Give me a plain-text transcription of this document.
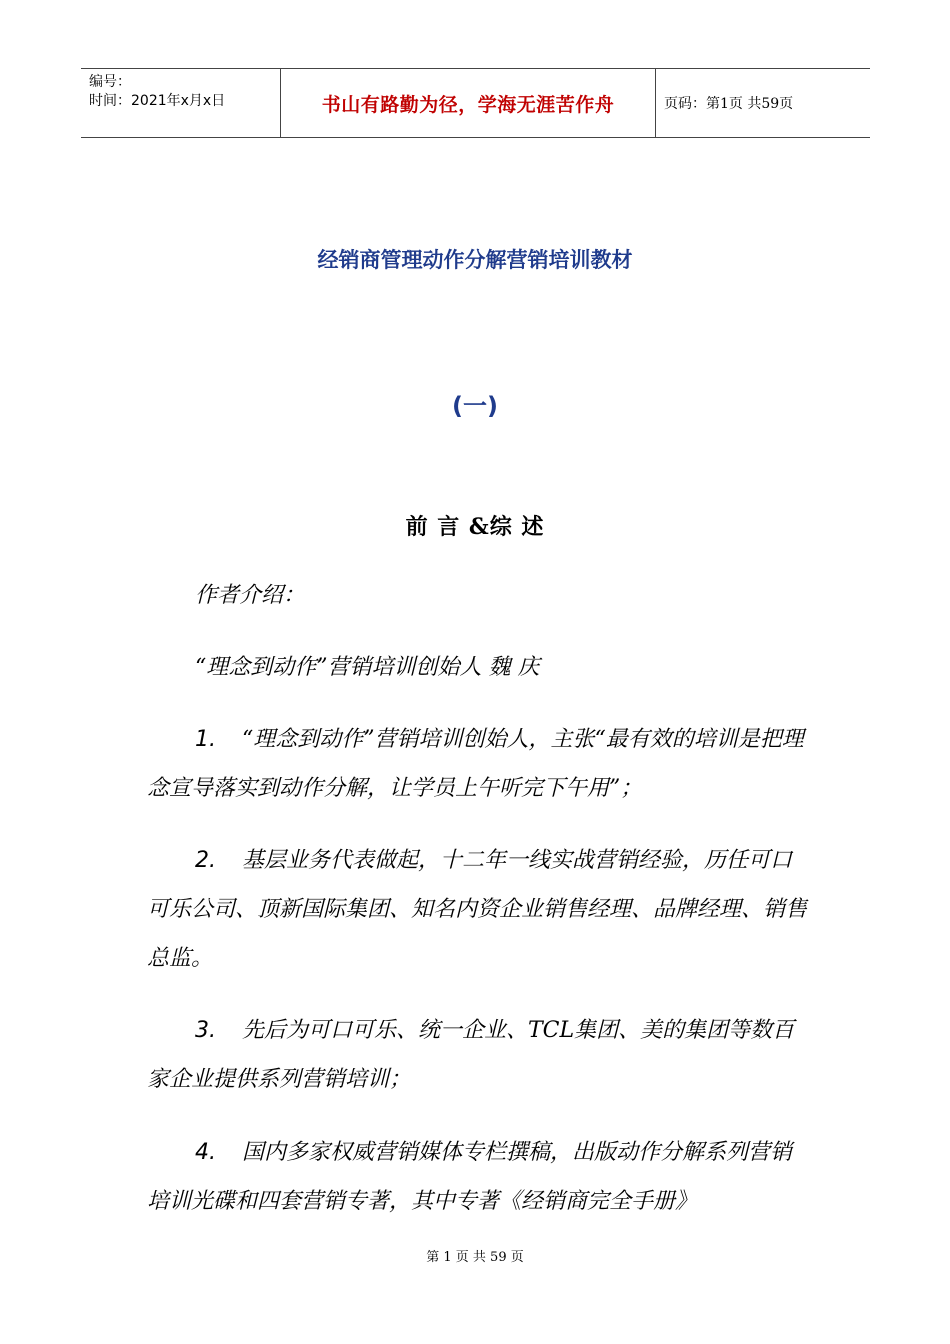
编号：
时间：2021年x月x日	书山有路勤为径，学海无涯苦作舟	页码：第1页 共59页
经销商管理动作分解营销培训教材
(一)
前 言 &综 述
作者介绍：
“理念到动作”营销培训创始人 魏 庆
1. “理念到动作”营销培训创始人，主张“最有效的培训是把理念宣导落实到动作分解，让学员上午听完下午用”；
2. 基层业务代表做起，十二年一线实战营销经验，历任可口可乐公司、顶新国际集团、知名内资企业销售经理、品牌经理、销售总监。
3. 先后为可口可乐、统一企业、TCL集团、美的集团等数百家企业提供系列营销培训；
4. 国内多家权威营销媒体专栏撰稿，出版动作分解系列营销培训光碟和四套营销专著，其中专著《经销商完全手册》
第 1 页 共 59 页
